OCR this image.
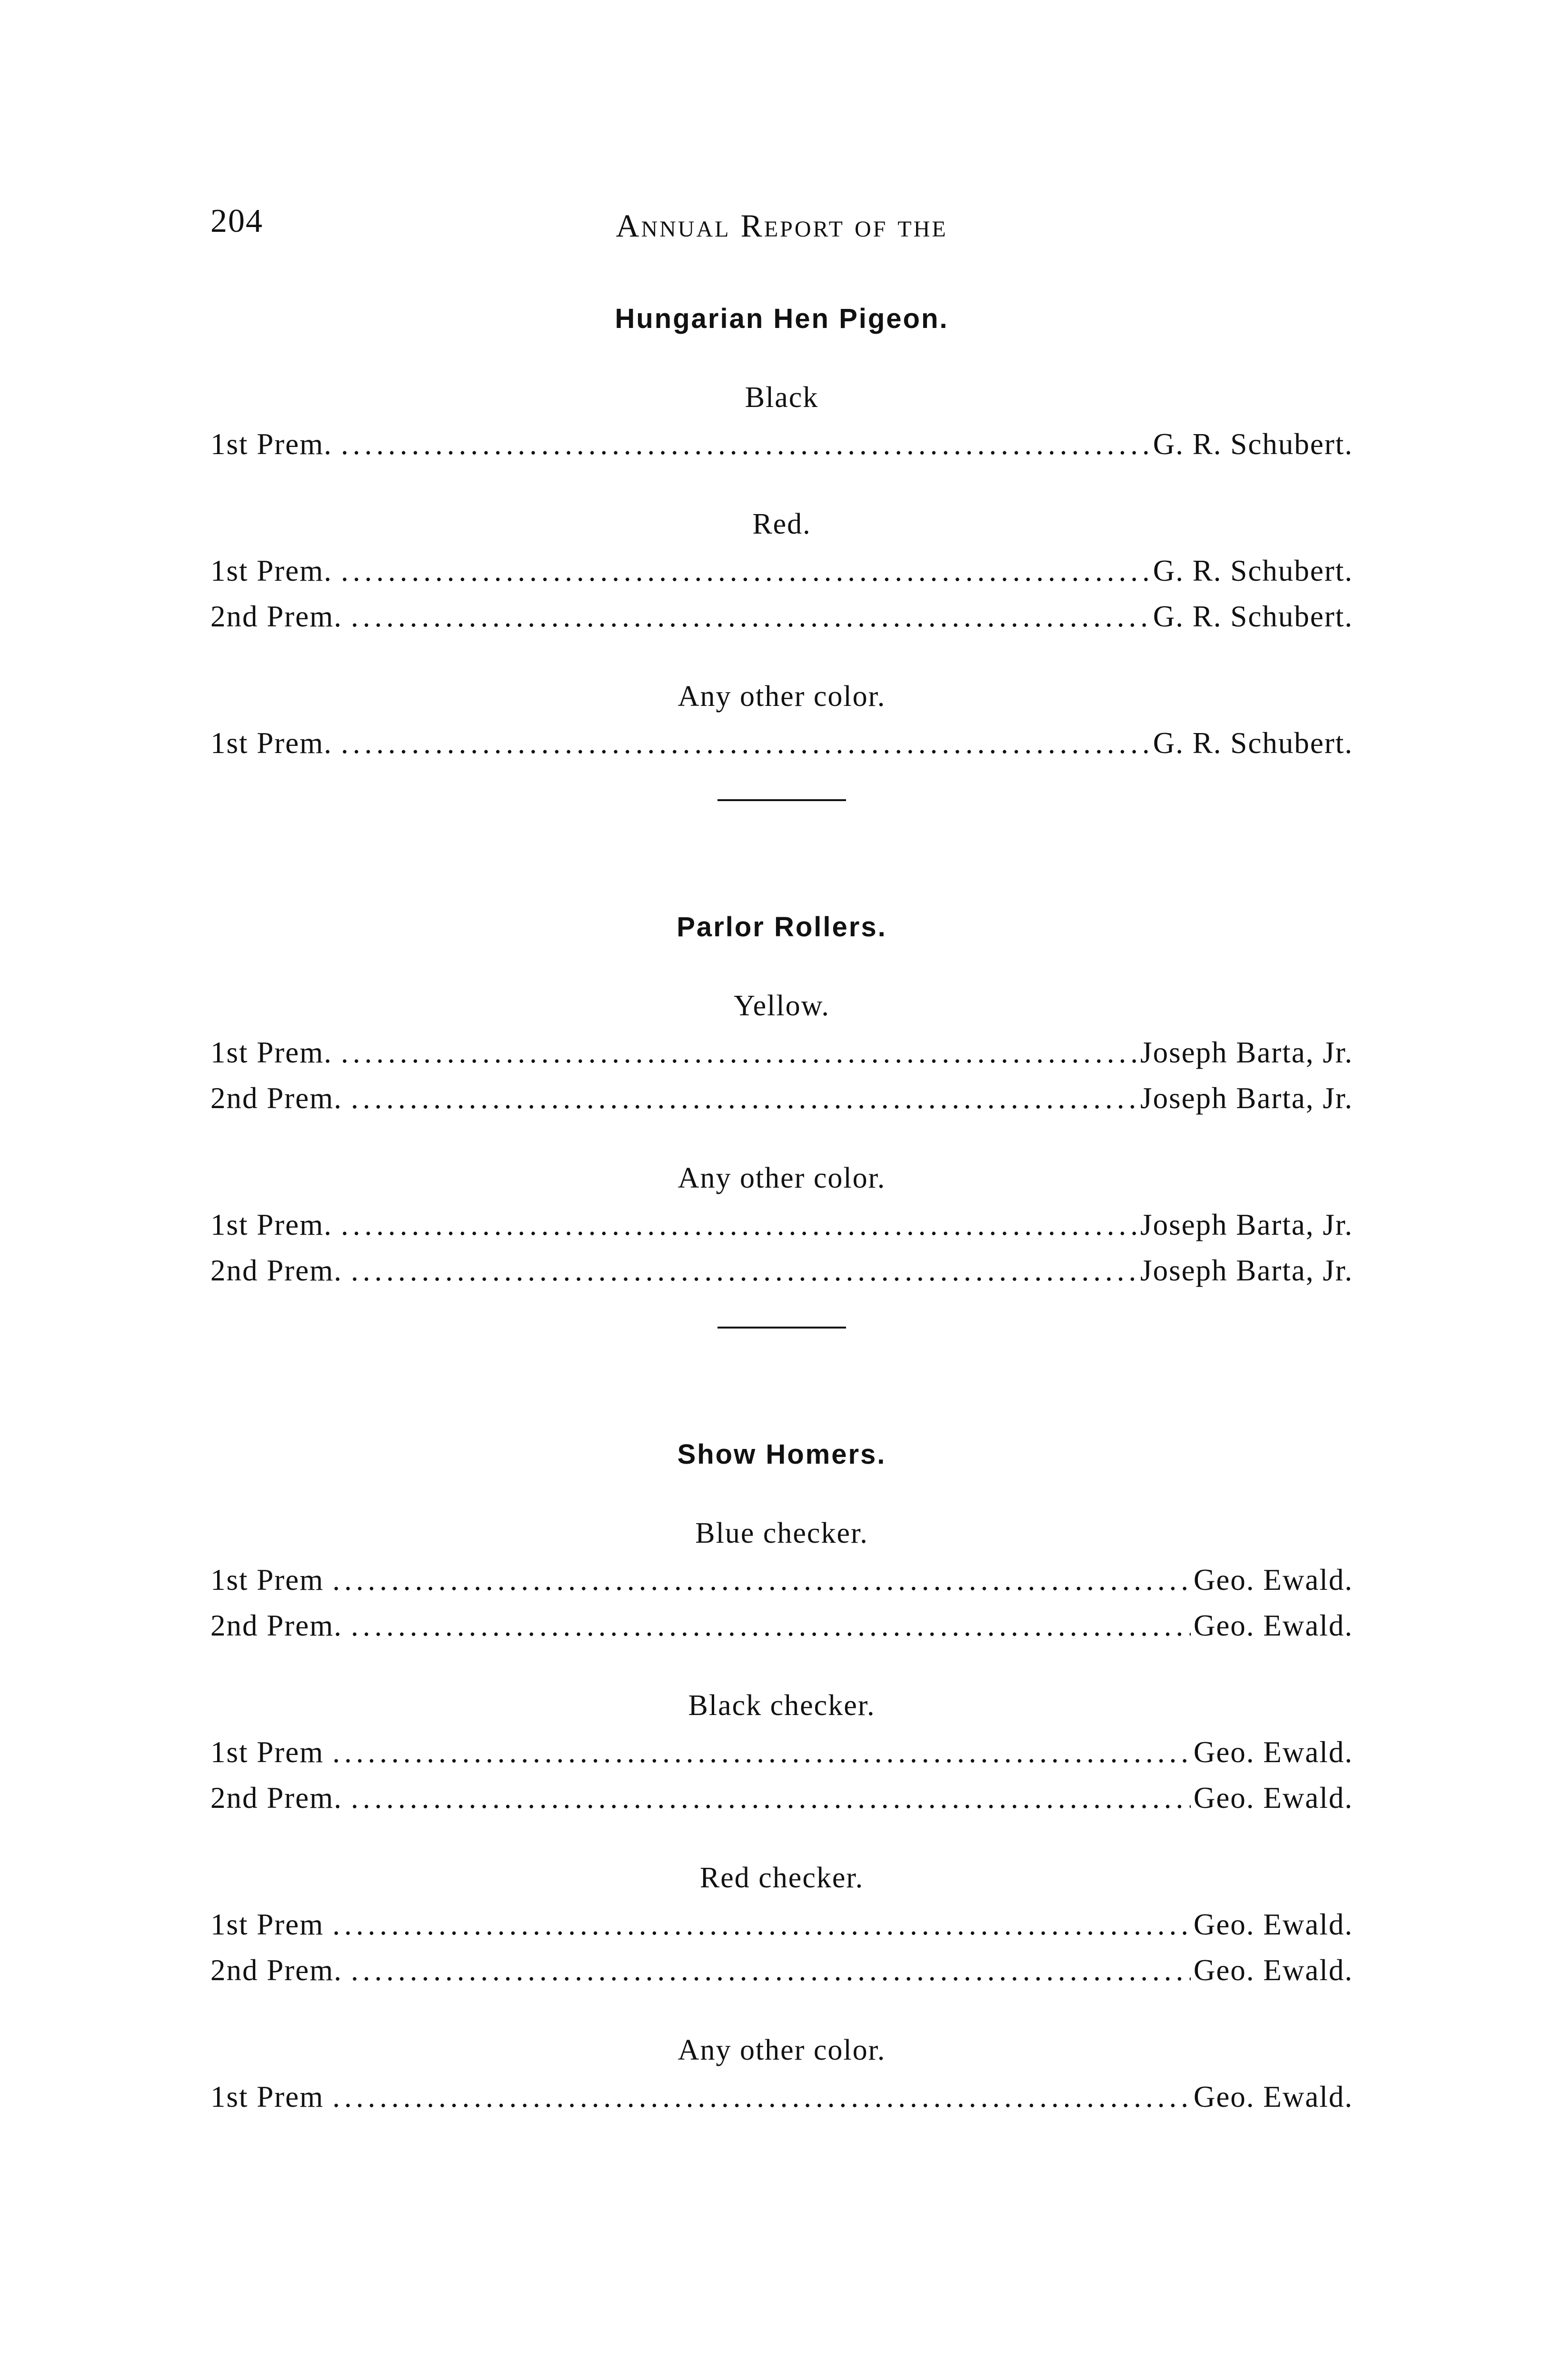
204	Annual Report of the
Hungarian Hen Pigeon.
Black
1st Prem. .....	G. R. Schubert.
Red.
1st Prem. .....	G. R. Schubert.
2nd Prem. .....	G. R. Schubert.
Any other color.
1st Prem. .....	G. R. Schubert.
Parlor Rollers.
Yellow.
1st Prem. .....	Joseph Barta, Jr.
2nd Prem. .....	Joseph Barta, Jr.
Any other color.
1st Prem. .....	Joseph Barta, Jr.
2nd Prem. .....	Joseph Barta, Jr.
Show Homers.
Blue checker.
1st Prem .....	Geo. Ewald.
2nd Prem. .....	Geo. Ewald.
Black checker.
1st Prem .....	Geo. Ewald.
2nd Prem. .....	Geo. Ewald.
Red checker.
1st Prem .....	Geo. Ewald.
2nd Prem. .....	Geo. Ewald.
Any other color.
1st Prem .....	Geo. Ewald.
